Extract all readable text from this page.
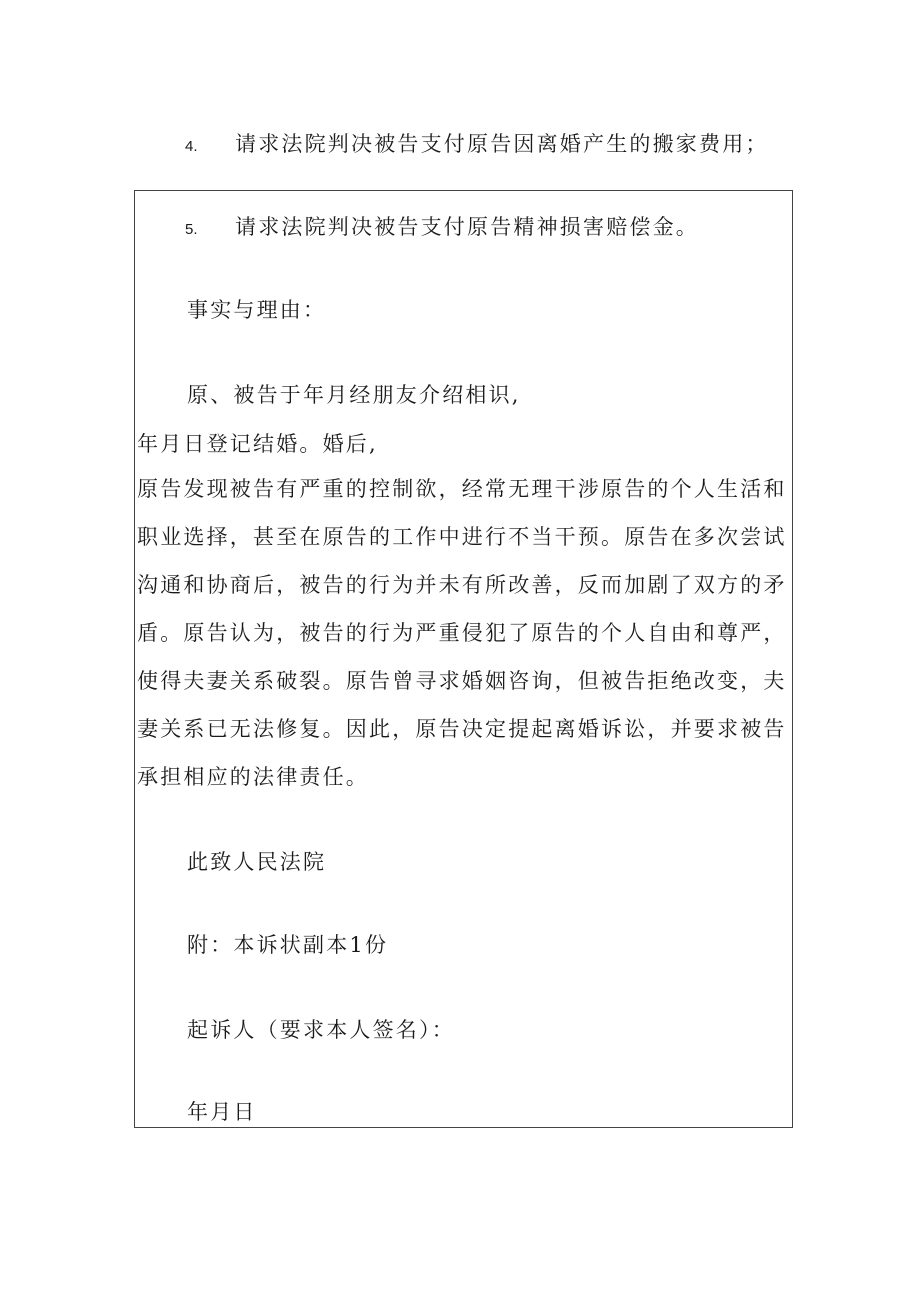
4. 请求法院判决被告支付原告因离婚产生的搬家费用；
5. 请求法院判决被告支付原告精神损害赔偿金。
事实与理由：
原、被告于年月经朋友介绍相识,
年月日登记结婚。婚后,
原告发现被告有严重的控制欲，经常无理干涉原告的个人生活和
职业选择，甚至在原告的工作中进行不当干预。原告在多次尝试
沟通和协商后，被告的行为并未有所改善，反而加剧了双方的矛
盾。原告认为，被告的行为严重侵犯了原告的个人自由和尊严，
使得夫妻关系破裂。原告曾寻求婚姻咨询，但被告拒绝改变，夫
妻关系已无法修复。因此，原告决定提起离婚诉讼，并要求被告
承担相应的法律责任。
此致人民法院
附：本诉状副本1份
起诉人（要求本人签名）：
年月日
